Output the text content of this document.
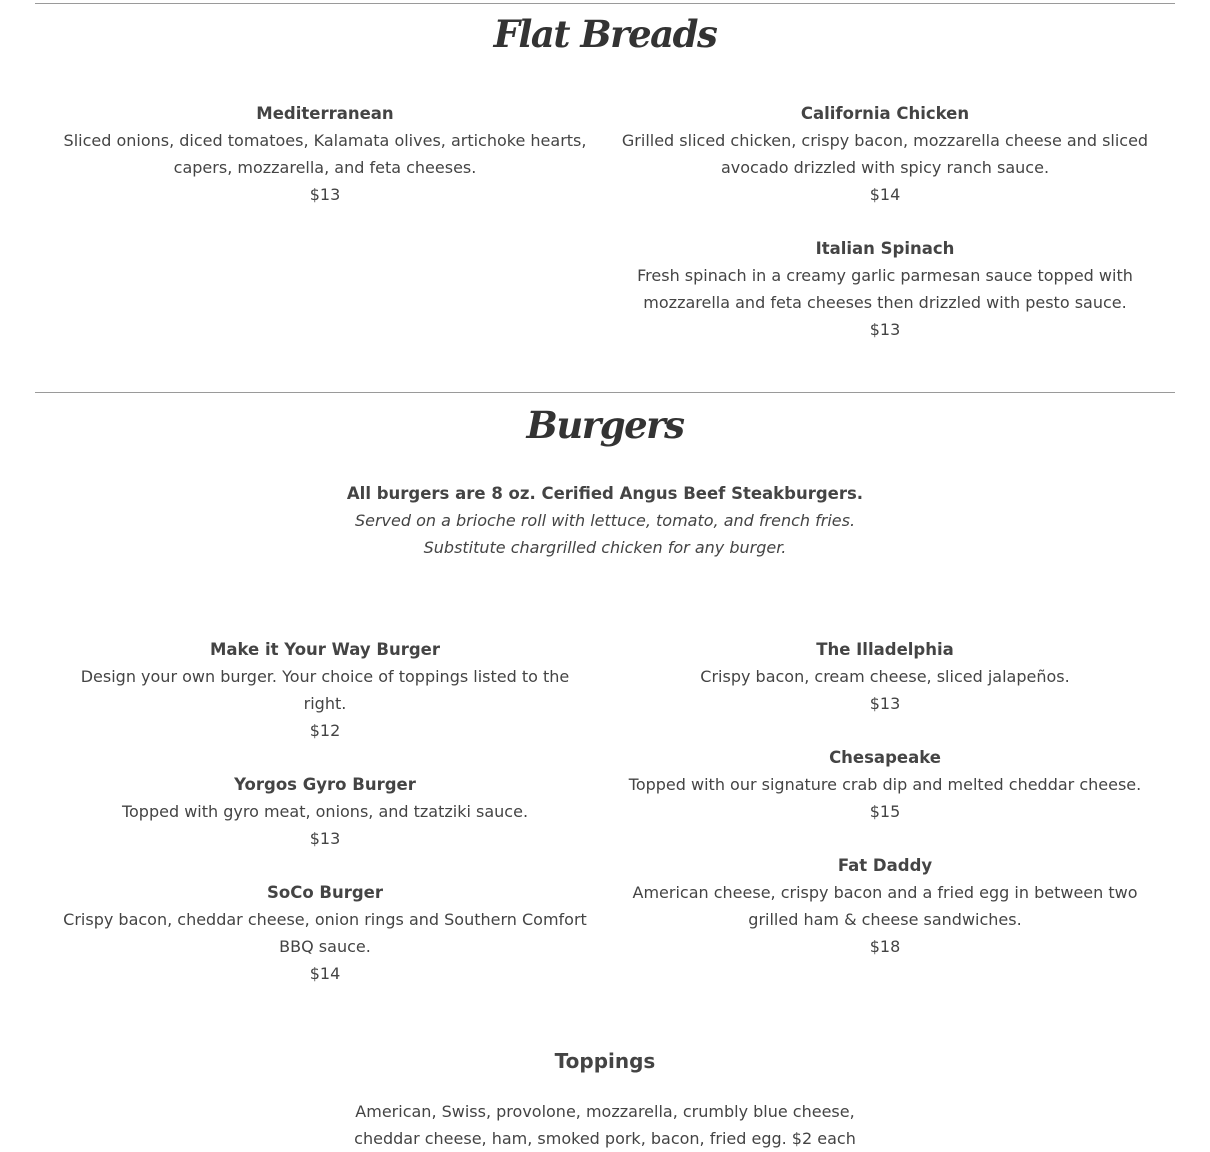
Flat Breads
Mediterranean
Sliced onions, diced tomatoes, Kalamata olives, artichoke hearts, capers, mozzarella, and feta cheeses.
$13
California Chicken
Grilled sliced chicken, crispy bacon, mozzarella cheese and sliced avocado drizzled with spicy ranch sauce.
$14
Italian Spinach
Fresh spinach in a creamy garlic parmesan sauce topped with mozzarella and feta cheeses then drizzled with pesto sauce.
$13
Burgers
All burgers are 8 oz. Cerified Angus Beef Steakburgers.
Served on a brioche roll with lettuce, tomato, and french fries.
Substitute chargrilled chicken for any burger.
Make it Your Way Burger
Design your own burger. Your choice of toppings listed to the right.
$12
Yorgos Gyro Burger
Topped with gyro meat, onions, and tzatziki sauce.
$13
SoCo Burger
Crispy bacon, cheddar cheese, onion rings and Southern Comfort BBQ sauce.
$14
The Illadelphia
Crispy bacon, cream cheese, sliced jalapeños.
$13
Chesapeake
Topped with our signature crab dip and melted cheddar cheese.
$15
Fat Daddy
American cheese, crispy bacon and a fried egg in between two grilled ham & cheese sandwiches.
$18
Toppings
American, Swiss, provolone, mozzarella, crumbly blue cheese, cheddar cheese, ham, smoked pork, bacon, fried egg. $2 each
